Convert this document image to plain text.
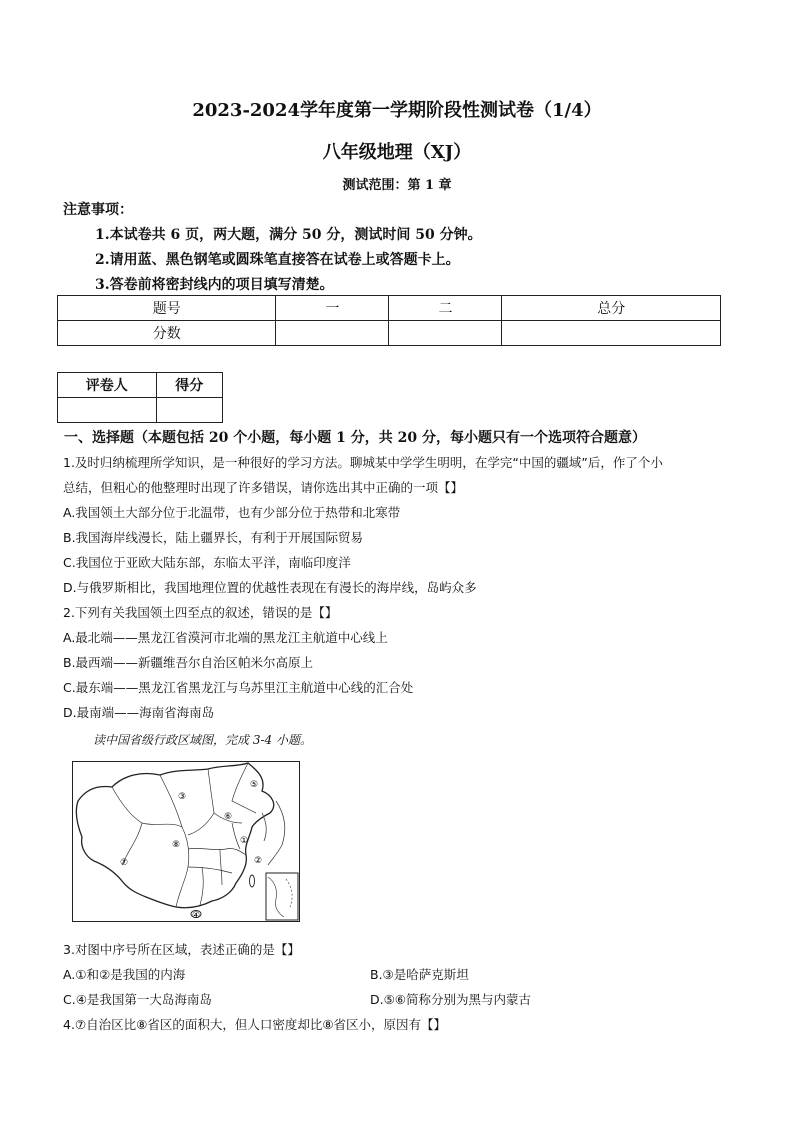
2023-2024学年度第一学期阶段性测试卷（1/4）
八年级地理（XJ）
测试范围：第 1 章
注意事项：
1.本试卷共 6 页，两大题，满分 50 分，测试时间 50 分钟。
2.请用蓝、黑色钢笔或圆珠笔直接答在试卷上或答题卡上。
3.答卷前将密封线内的项目填写清楚。
题号	一	二	总分
分数			
评卷人	得分

一、选择题（本题包括 20 个小题，每小题 1 分，共 20 分，每小题只有一个选项符合题意）
1.及时归纳梳理所学知识，是一种很好的学习方法。聊城某中学学生明明，在学完“中国的疆域”后，作了个小
总结，但粗心的他整理时出现了许多错误，请你选出其中正确的一项【】
A.我国领土大部分位于北温带，也有少部分位于热带和北寒带
B.我国海岸线漫长，陆上疆界长，有利于开展国际贸易
C.我国位于亚欧大陆东部，东临太平洋，南临印度洋
D.与俄罗斯相比，我国地理位置的优越性表现在有漫长的海岸线，岛屿众多
2.下列有关我国领土四至点的叙述，错误的是【】
A.最北端——黑龙江省漠河市北端的黑龙江主航道中心线上
B.最西端——新疆维吾尔自治区帕米尔高原上
C.最东端——黑龙江省黑龙江与乌苏里江主航道中心线的汇合处
D.最南端——海南省海南岛
读中国省级行政区域图，完成 3-4 小题。
③
⑦
⑧
⑤
⑥
①
②
④
3.对图中序号所在区域，表述正确的是【】
A.①和②是我国的内海	B.③是哈萨克斯坦
C.④是我国第一大岛海南岛	D.⑤⑥简称分别为黑与内蒙古
4.⑦自治区比⑧省区的面积大，但人口密度却比⑧省区小，原因有【】
